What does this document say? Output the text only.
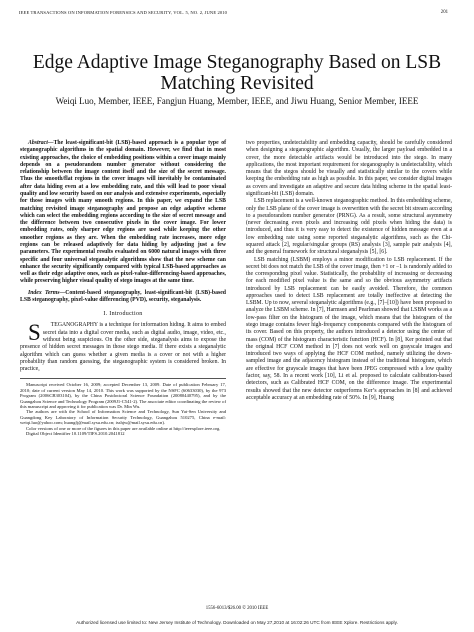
IEEE TRANSACTIONS ON INFORMATION FORENSICS AND SECURITY, VOL. 5, NO. 2, JUNE 2010	201
Edge Adaptive Image Steganography Based on LSB Matching Revisited
Weiqi Luo, Member, IEEE, Fangjun Huang, Member, IEEE, and Jiwu Huang, Senior Member, IEEE

Abstract—The least-significant-bit (LSB)-based approach is a popular type of steganographic algorithms in the spatial domain. However, we find that in most existing approaches, the choice of embedding positions within a cover image mainly depends on a pseudorandom number generator without considering the relationship between the image content itself and the size of the secret message. Thus the smooth/flat regions in the cover images will inevitably be contaminated after data hiding even at a low embedding rate, and this will lead to poor visual quality and low security based on our analysis and extensive experiments, especially for those images with many smooth regions. In this paper, we expand the LSB matching revisited image steganography and propose an edge adaptive scheme which can select the embedding regions according to the size of secret message and the difference between two consecutive pixels in the cover image. For lower embedding rates, only sharper edge regions are used while keeping the other smoother regions as they are. When the embedding rate increases, more edge regions can be released adaptively for data hiding by adjusting just a few parameters. The experimental results evaluated on 6000 natural images with three specific and four universal steganalytic algorithms show that the new scheme can enhance the security significantly compared with typical LSB-based approaches as well as their edge adaptive ones, such as pixel-value-differencing-based approaches, while preserving higher visual quality of stego images at the same time.

Index Terms—Content-based steganography, least-significant-bit (LSB)-based LSB steganography, pixel-value differencing (PVD), security, steganalysis.

I. Introduction

S TEGANOGRAPHY is a technique for information hiding. It aims to embed secret data into a digital cover media, such as digital audio, image, video, etc., without being suspicious. On the other side, steganalysis aims to expose the presence of hidden secret messages in those stego media. If there exists a steganalytic algorithm which can guess whether a given media is a cover or not with a higher probability than random guessing, the steganographic system is considered broken. In practice,

Manuscript received October 16, 2009; accepted December 13, 2009. Date of publication February 17, 2010; date of current version May 14, 2010. This work was supported by the NSFC (60633030), by the 973 Program (2006CB303104), by the China Postdoctoral Science Foundation (20080440795), and by the Guangzhou Science and Technology Program (2009J1-C541-2). The associate editor coordinating the review of this manuscript and approving it for publication was Dr. Min Wu.

The authors are with the School of Information Science and Technology, Sun Yat-Sen University and Guangdong Key Laboratory of Information Security Technology, Guangzhou 510275, China e-mail: weiqi.luo@yahoo.com; huangfj@mail.sysu.edu.cn; isshjw@mail.sysu.edu.cn).

Color versions of one or more of the figures in this paper are available online at http://ieeexplore.ieee.org.

Digital Object Identifier 10.1109/TIFS.2010.2041812

two properties, undetectability and embedding capacity, should be carefully considered when designing a steganographic algorithm. Usually, the larger payload embedded in a cover, the more detectable artifacts would be introduced into the stego. In many applications, the most important requirement for steganography is undetectability, which means that the stegos should be visually and statistically similar to the covers while keeping the embedding rate as high as possible. In this paper, we consider digital images as covers and investigate an adaptive and secure data hiding scheme in the spatial least-significant-bit (LSB) domain.

LSB replacement is a well-known steganographic method. In this embedding scheme, only the LSB plane of the cover image is overwritten with the secret bit stream according to a pseudorandom number generator (PRNG). As a result, some structural asymmetry (never decreasing even pixels and increasing odd pixels when hiding the data) is introduced, and thus it is very easy to detect the existence of hidden message even at a low embedding rate using some reported steganalytic algorithms, such as the Chi-squared attack [2], regular/singular groups (RS) analysis [3], sample pair analysis [4], and the general framework for structural steganalysis [5], [6].

LSB matching (LSBM) employs a minor modification to LSB replacement. If the secret bit does not match the LSB of the cover image, then +1 or −1 is randomly added to the corresponding pixel value. Statistically, the probability of increasing or decreasing for each modified pixel value is the same and so the obvious asymmetry artifacts introduced by LSB replacement can be easily avoided. Therefore, the common approaches used to detect LSB replacement are totally ineffective at detecting the LSBM. Up to now, several steganalytic algorithms (e.g., [7]–[10]) have been proposed to analyze the LSBM scheme. In [7], Harmsen and Pearlman showed that LSBM works as a low-pass filter on the histogram of the image, which means that the histogram of the stego image contains fewer high-frequency components compared with the histogram of its cover. Based on this property, the authors introduced a detector using the center of mass (COM) of the histogram characteristic function (HCF). In [8], Ker pointed out that the original HCF COM method in [7] does not work well on grayscale images and introduced two ways of applying the HCF COM method, namely utilizing the down-sampled image and the adjacency histogram instead of the traditional histogram, which are effective for grayscale images that have been JPEG compressed with a low quality factor, say, 58. In a recent work [10], Li et al. proposed to calculate calibration-based detectors, such as Calibrated HCF COM, on the difference image. The experimental results showed that the new detector outperforms Ker’s approaches in [8] and achieved acceptable accuracy at an embedding rate of 50%. In [9], Huang

1556-6013/$26.00 © 2010 IEEE
Authorized licensed use limited to: New Jersey Institute of Technology. Downloaded on May 27,2010 at 16:02:26 UTC from IEEE Xplore. Restrictions apply.
